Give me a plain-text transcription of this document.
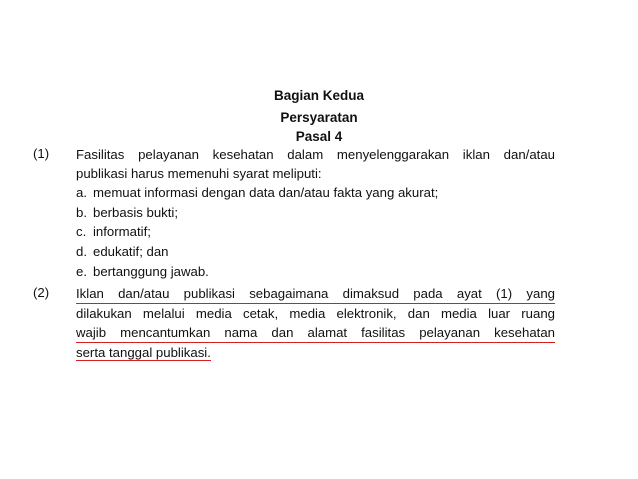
Bagian Kedua
Persyaratan
Pasal 4
(1) Fasilitas pelayanan kesehatan dalam menyelenggarakan iklan dan/atau
publikasi harus memenuhi syarat meliputi:
a. memuat informasi dengan data dan/atau fakta yang akurat;
b. berbasis bukti;
c. informatif;
d. edukatif; dan
e. bertanggung jawab.
(2) Iklan dan/atau publikasi sebagaimana dimaksud pada ayat (1) yang
dilakukan melalui media cetak, media elektronik, dan media luar ruang
wajib mencantumkan nama dan alamat fasilitas pelayanan kesehatan
serta tanggal publikasi.
